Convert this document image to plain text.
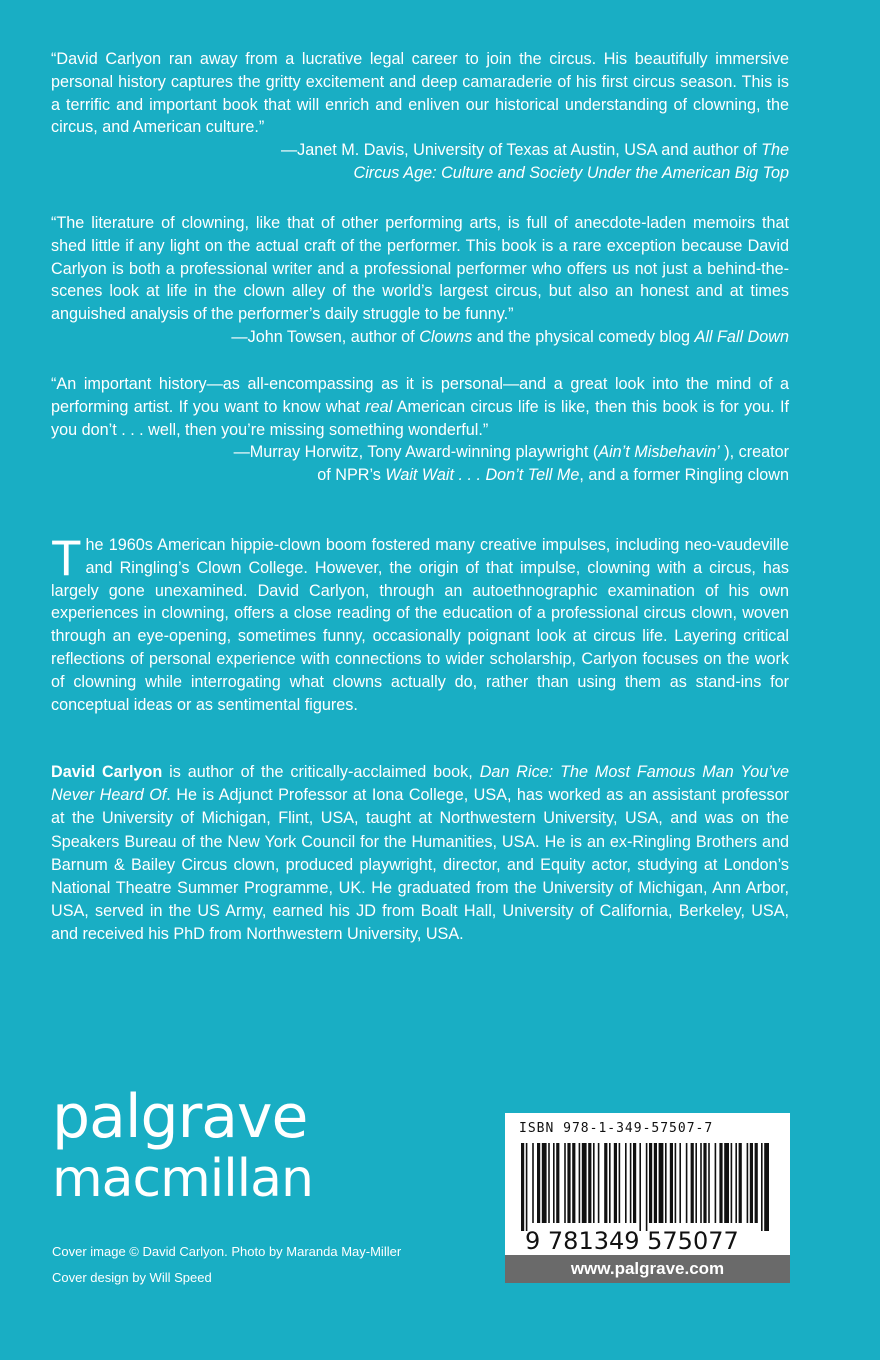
“David Carlyon ran away from a lucrative legal career to join the circus. His beautifully immersive personal history captures the gritty excitement and deep camaraderie of his first circus season. This is a terrific and important book that will enrich and enliven our historical understanding of clowning, the circus, and American culture.”

—Janet M. Davis, University of Texas at Austin, USA and author of The
Circus Age: Culture and Society Under the American Big Top

“The literature of clowning, like that of other performing arts, is full of anecdote-laden memoirs that shed little if any light on the actual craft of the performer. This book is a rare exception because David Carlyon is both a professional writer and a professional performer who offers us not just a behind-the-scenes look at life in the clown alley of the world’s largest circus, but also an honest and at times anguished analysis of the performer’s daily struggle to be funny.”

—John Towsen, author of Clowns and the physical comedy blog All Fall Down

“An important history—as all-encompassing as it is personal—and a great look into the mind of a performing artist. If you want to know what real American circus life is like, then this book is for you. If you don’t . . . well, then you’re missing something wonderful.”

—Murray Horwitz, Tony Award-winning playwright (Ain’t Misbehavin’ ), creator
of NPR’s Wait Wait . . . Don’t Tell Me, and a former Ringling clown
The 1960s American hippie-clown boom fostered many creative impulses, including neo-vaudeville and Ringling’s Clown College. However, the origin of that impulse, clowning with a circus, has largely gone unexamined. David Carlyon, through an autoethnographic examination of his own experiences in clowning, offers a close reading of the education of a professional circus clown, woven through an eye-opening, sometimes funny, occasionally poignant look at circus life. Layering critical reflections of personal experience with connections to wider scholarship, Carlyon focuses on the work of clowning while interrogating what clowns actually do, rather than using them as stand-ins for conceptual ideas or as sentimental figures.
David Carlyon is author of the critically-acclaimed book, Dan Rice: The Most Famous Man You’ve Never Heard Of. He is Adjunct Professor at Iona College, USA, has worked as an assistant professor at the University of Michigan, Flint, USA, taught at Northwestern University, USA, and was on the Speakers Bureau of the New York Council for the Humanities, USA. He is an ex-Ringling Brothers and Barnum & Bailey Circus clown, produced playwright, director, and Equity actor, studying at London’s National Theatre Summer Programme, UK. He graduated from the University of Michigan, Ann Arbor, USA, served in the US Army, earned his JD from Boalt Hall, University of California, Berkeley, USA, and received his PhD from Northwestern University, USA.
palgrave
macmillan
Cover image © David Carlyon. Photo by Maranda May-Miller
Cover design by Will Speed
ISBN 978-1-349-57507-7
9 781349 575077
www.palgrave.com
